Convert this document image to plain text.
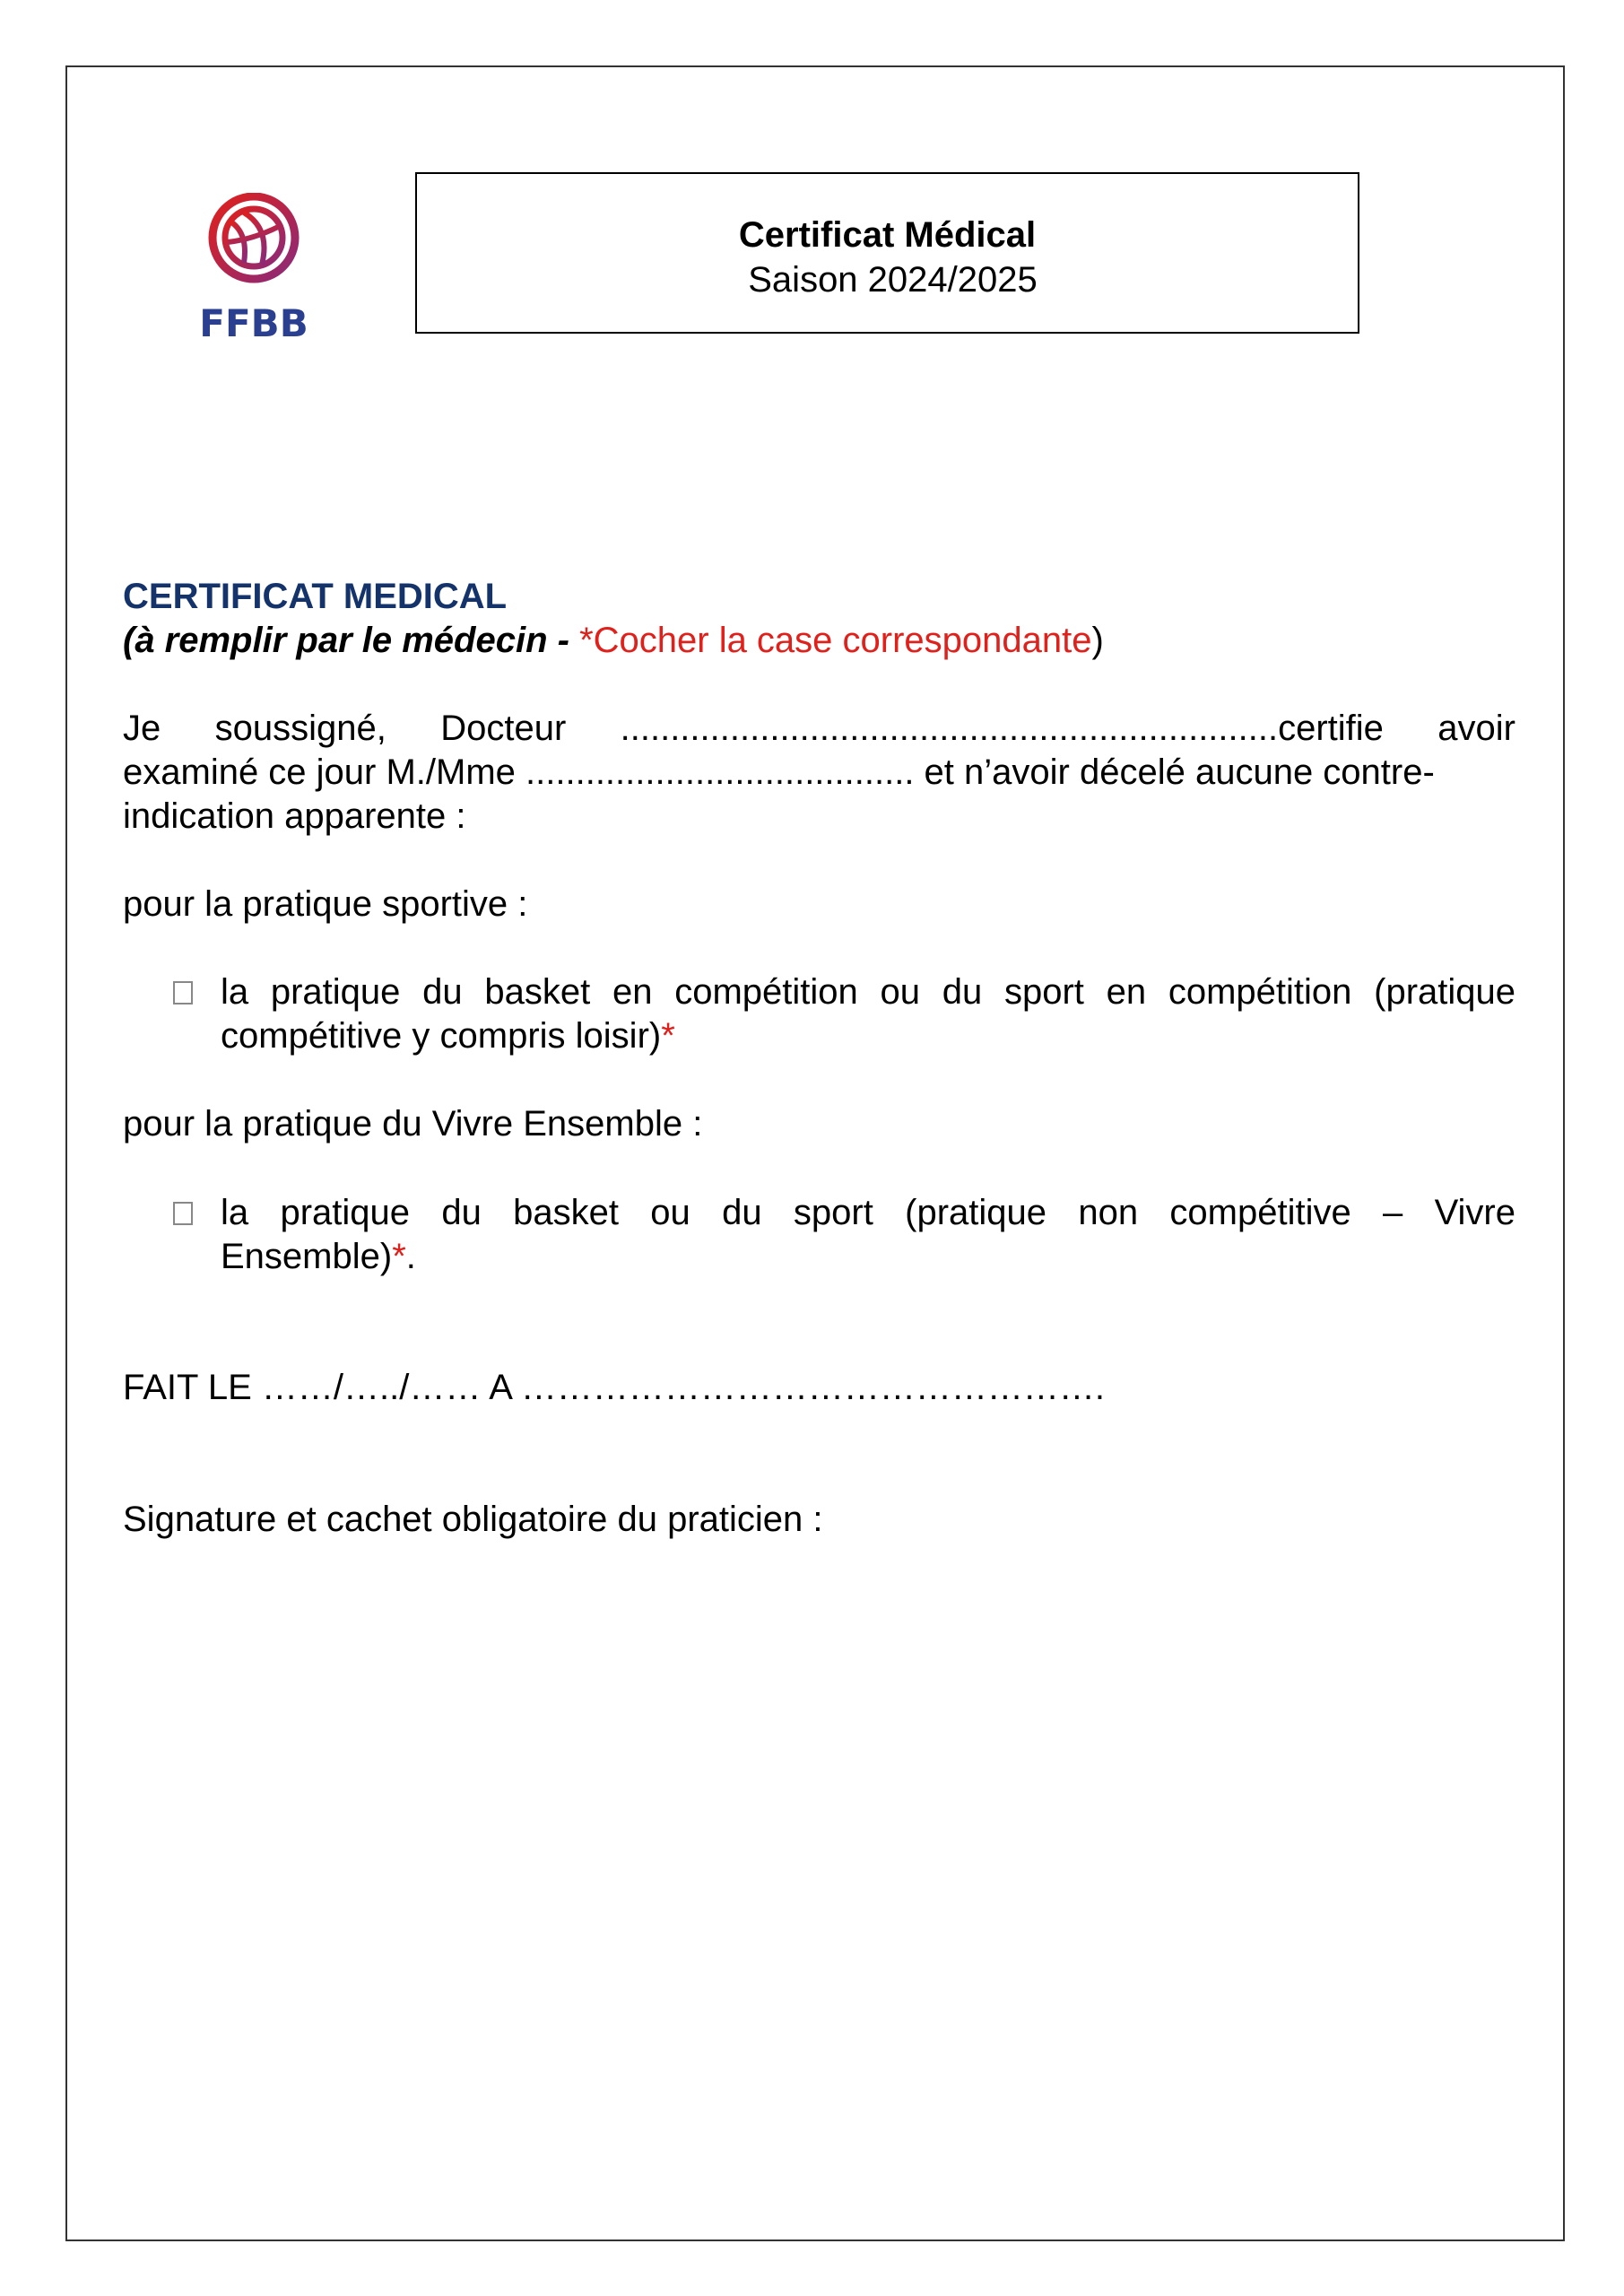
FFBB
Certificat Médical
Saison 2024/2025
CERTIFICAT MEDICAL
(à remplir par le médecin - *Cocher la case correspondante)
Je soussigné, Docteur ..................................................................certifie avoir
examiné ce jour M./Mme ....................................... et n’avoir décelé aucune contre-
indication apparente :
pour la pratique sportive :
la pratique du basket en compétition ou du sport en compétition (pratique
compétitive y compris loisir)*
pour la pratique du Vivre Ensemble :
la pratique du basket ou du sport (pratique non compétitive – Vivre
Ensemble)*.
FAIT LE ……/…../…… A ………………………………………….
Signature et cachet obligatoire du praticien :
